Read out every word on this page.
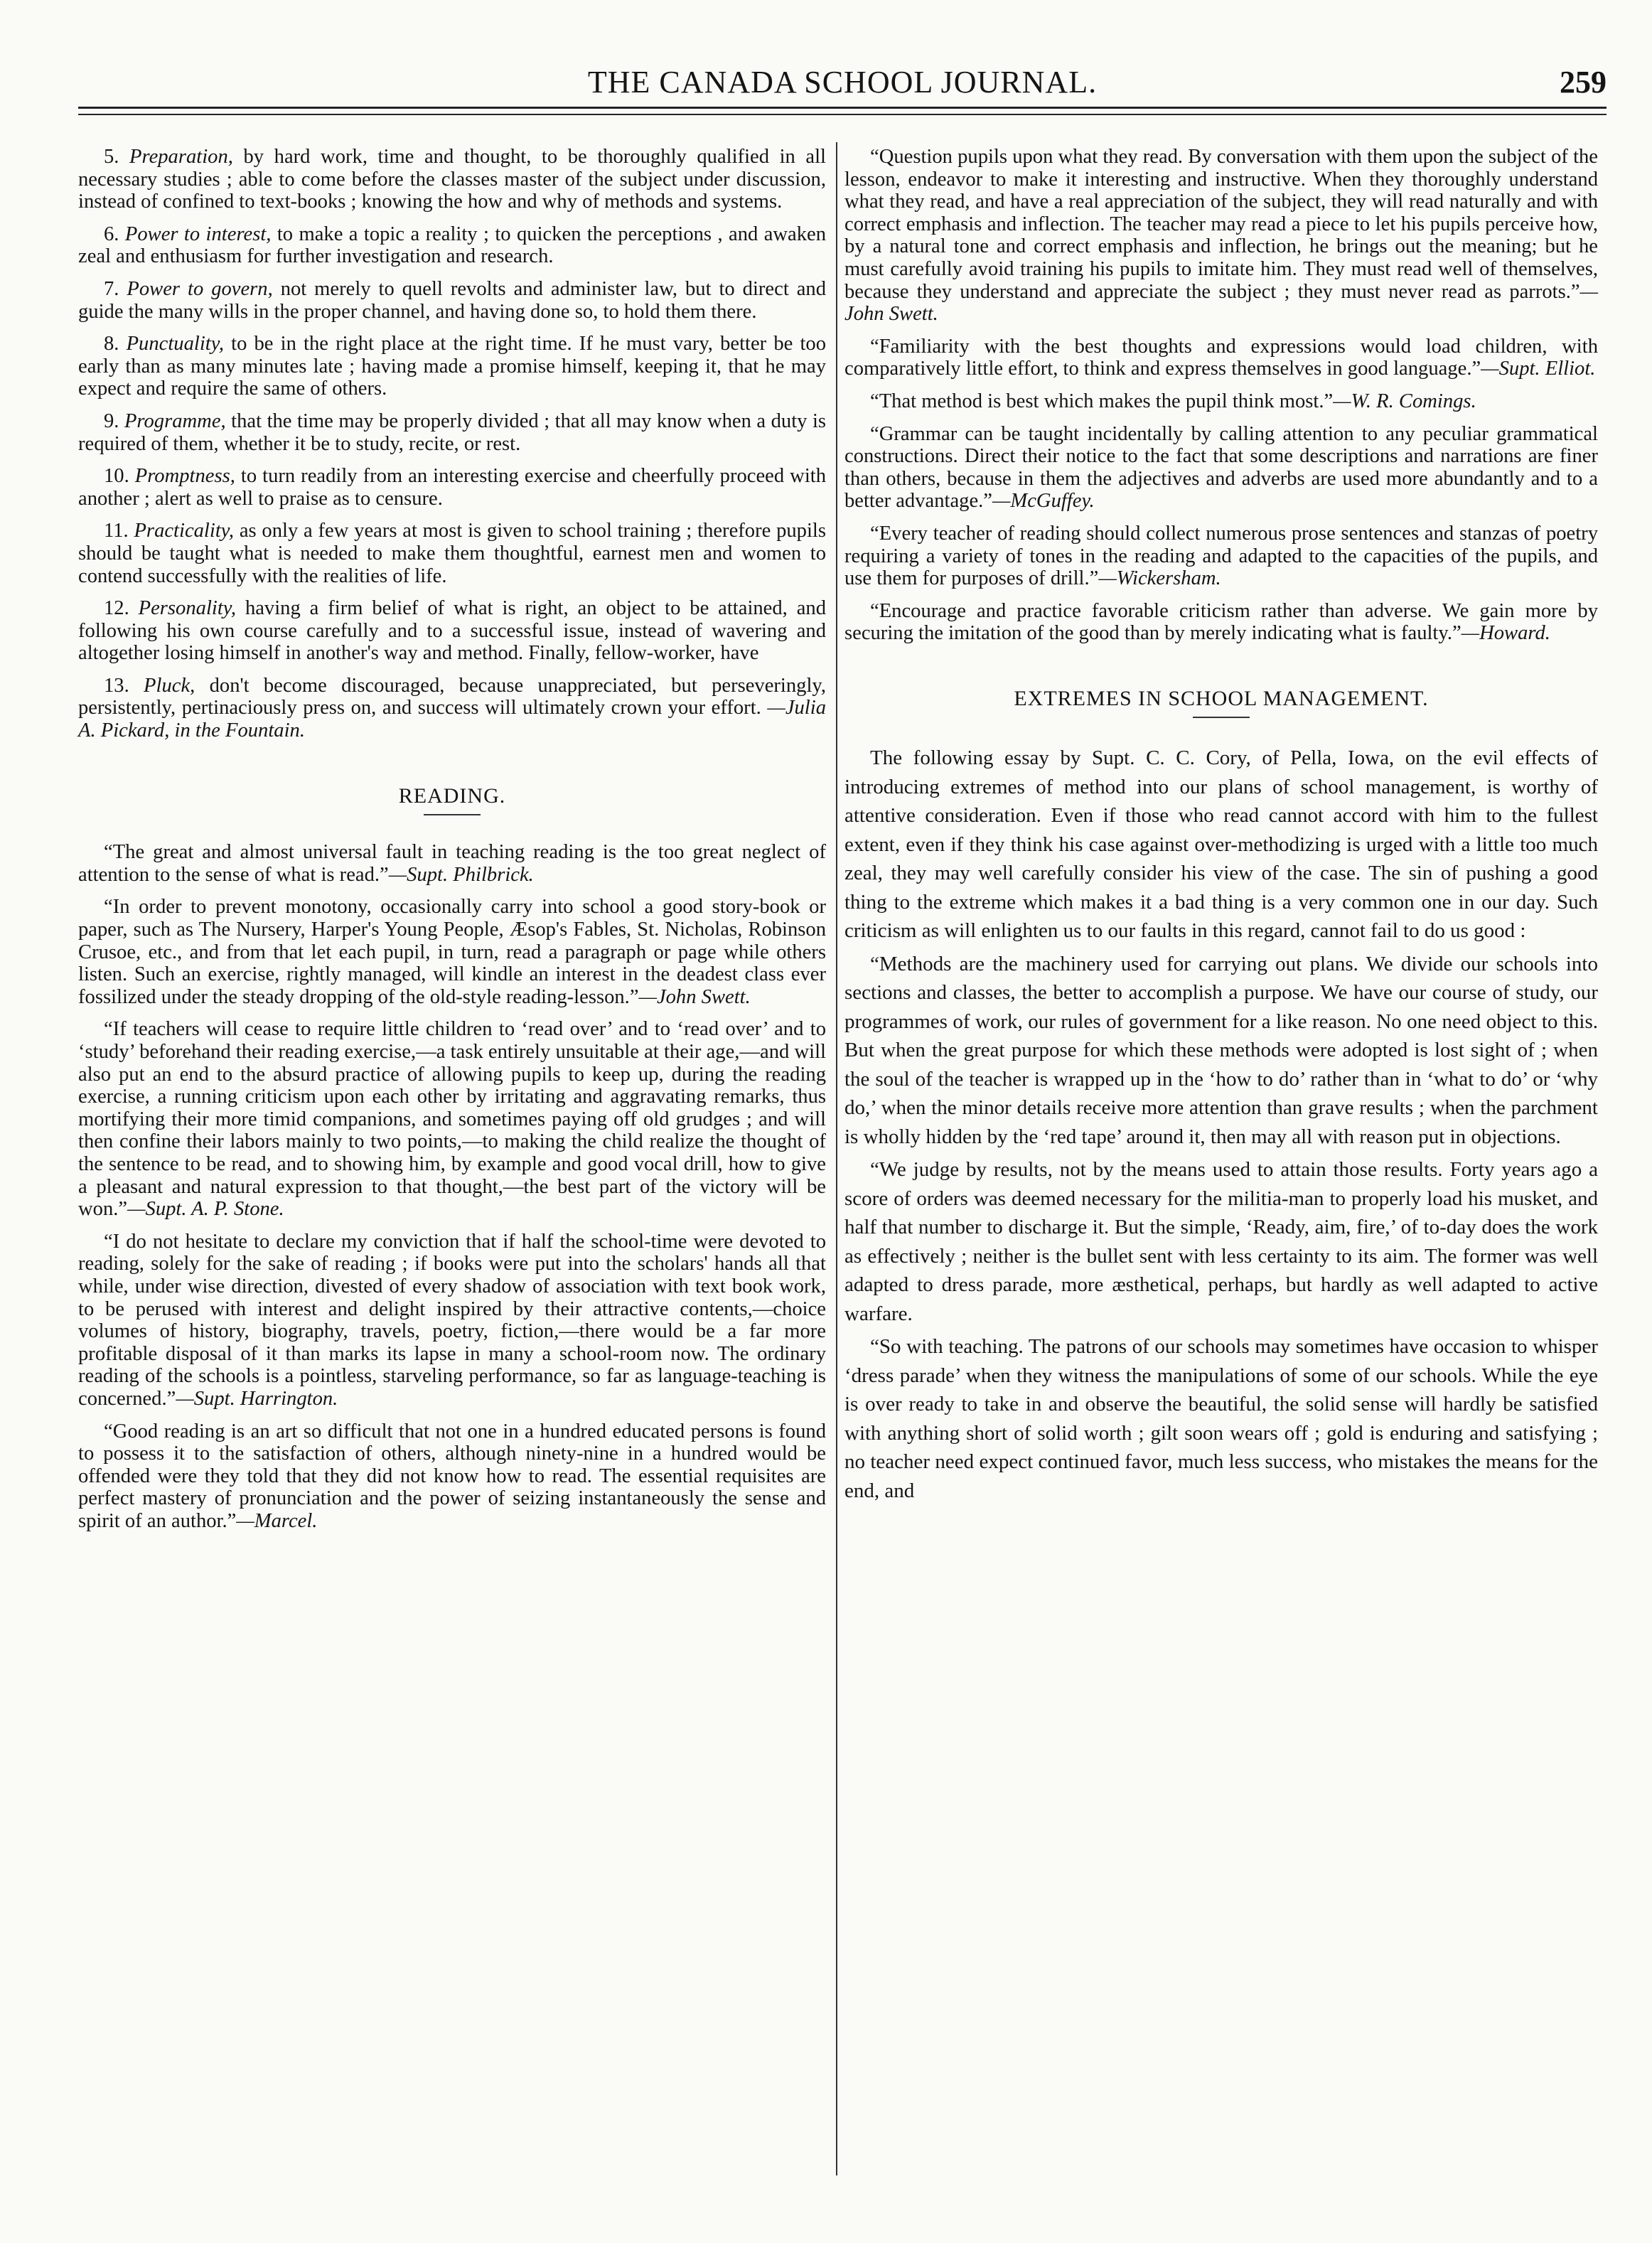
THE CANADA SCHOOL JOURNAL.	259

5. Preparation, by hard work, time and thought, to be thoroughly qualified in all necessary studies ; able to come before the classes master of the subject under discussion, instead of confined to text-books ; knowing the how and why of methods and systems.

6. Power to interest, to make a topic a reality ; to quicken the perceptions , and awaken zeal and enthusiasm for further investigation and research.

7. Power to govern, not merely to quell revolts and administer law, but to direct and guide the many wills in the proper channel, and having done so, to hold them there.

8. Punctuality, to be in the right place at the right time. If he must vary, better be too early than as many minutes late ; having made a promise himself, keeping it, that he may expect and require the same of others.

9. Programme, that the time may be properly divided ; that all may know when a duty is required of them, whether it be to study, recite, or rest.

10. Promptness, to turn readily from an interesting exercise and cheerfully proceed with another ; alert as well to praise as to censure.

11. Practicality, as only a few years at most is given to school training ; therefore pupils should be taught what is needed to make them thoughtful, earnest men and women to contend successfully with the realities of life.

12. Personality, having a firm belief of what is right, an object to be attained, and following his own course carefully and to a successful issue, instead of wavering and altogether losing himself in another's way and method. Finally, fellow-worker, have

13. Pluck, don't become discouraged, because unappreciated, but perseveringly, persistently, pertinaciously press on, and success will ultimately crown your effort. —Julia A. Pickard, in the Fountain.

READING.

“The great and almost universal fault in teaching reading is the too great neglect of attention to the sense of what is read.”—Supt. Philbrick.

“In order to prevent monotony, occasionally carry into school a good story-book or paper, such as The Nursery, Harper's Young People, Æsop's Fables, St. Nicholas, Robinson Crusoe, etc., and from that let each pupil, in turn, read a paragraph or page while others listen. Such an exercise, rightly managed, will kindle an interest in the deadest class ever fossilized under the steady dropping of the old-style reading-lesson.”—John Swett.

“If teachers will cease to require little children to ‘read over’ and to ‘read over’ and to ‘study’ beforehand their reading exercise,—a task entirely unsuitable at their age,—and will also put an end to the absurd practice of allowing pupils to keep up, during the reading exercise, a running criticism upon each other by irritating and aggravating remarks, thus mortifying their more timid companions, and sometimes paying off old grudges ; and will then confine their labors mainly to two points,—to making the child realize the thought of the sentence to be read, and to showing him, by example and good vocal drill, how to give a pleasant and natural expression to that thought,—the best part of the victory will be won.”—Supt. A. P. Stone.

“I do not hesitate to declare my conviction that if half the school-time were devoted to reading, solely for the sake of reading ; if books were put into the scholars' hands all that while, under wise direction, divested of every shadow of association with text book work, to be perused with interest and delight inspired by their attractive contents,—choice volumes of history, biography, travels, poetry, fiction,—there would be a far more profitable disposal of it than marks its lapse in many a school-room now. The ordinary reading of the schools is a pointless, starveling performance, so far as language-teaching is concerned.”—Supt. Harrington.

“Good reading is an art so difficult that not one in a hundred educated persons is found to possess it to the satisfaction of others, although ninety-nine in a hundred would be offended were they told that they did not know how to read. The essential requisites are perfect mastery of pronunciation and the power of seizing instantaneously the sense and spirit of an author.”—Marcel.

“Question pupils upon what they read. By conversation with them upon the subject of the lesson, endeavor to make it interesting and instructive. When they thoroughly understand what they read, and have a real appreciation of the subject, they will read naturally and with correct emphasis and inflection. The teacher may read a piece to let his pupils perceive how, by a natural tone and correct emphasis and inflection, he brings out the meaning; but he must carefully avoid training his pupils to imitate him. They must read well of themselves, because they understand and appreciate the subject ; they must never read as parrots.”—John Swett.

“Familiarity with the best thoughts and expressions would load children, with comparatively little effort, to think and express themselves in good language.”—Supt. Elliot.

“That method is best which makes the pupil think most.”—W. R. Comings.

“Grammar can be taught incidentally by calling attention to any peculiar grammatical constructions. Direct their notice to the fact that some descriptions and narrations are finer than others, because in them the adjectives and adverbs are used more abundantly and to a better advantage.”—McGuffey.

“Every teacher of reading should collect numerous prose sentences and stanzas of poetry requiring a variety of tones in the reading and adapted to the capacities of the pupils, and use them for purposes of drill.”—Wickersham.

“Encourage and practice favorable criticism rather than adverse. We gain more by securing the imitation of the good than by merely indicating what is faulty.”—Howard.

EXTREMES IN SCHOOL MANAGEMENT.

The following essay by Supt. C. C. Cory, of Pella, Iowa, on the evil effects of introducing extremes of method into our plans of school management, is worthy of attentive consideration. Even if those who read cannot accord with him to the fullest extent, even if they think his case against over-methodizing is urged with a little too much zeal, they may well carefully consider his view of the case. The sin of pushing a good thing to the extreme which makes it a bad thing is a very common one in our day. Such criticism as will enlighten us to our faults in this regard, cannot fail to do us good :

“Methods are the machinery used for carrying out plans. We divide our schools into sections and classes, the better to accomplish a purpose. We have our course of study, our programmes of work, our rules of government for a like reason. No one need object to this. But when the great purpose for which these methods were adopted is lost sight of ; when the soul of the teacher is wrapped up in the ‘how to do’ rather than in ‘what to do’ or ‘why do,’ when the minor details receive more attention than grave results ; when the parchment is wholly hidden by the ‘red tape’ around it, then may all with reason put in objections.

“We judge by results, not by the means used to attain those results. Forty years ago a score of orders was deemed necessary for the militia-man to properly load his musket, and half that number to discharge it. But the simple, ‘Ready, aim, fire,’ of to-day does the work as effectively ; neither is the bullet sent with less certainty to its aim. The former was well adapted to dress parade, more æsthetical, perhaps, but hardly as well adapted to active warfare.

“So with teaching. The patrons of our schools may sometimes have occasion to whisper ‘dress parade’ when they witness the manipulations of some of our schools. While the eye is over ready to take in and observe the beautiful, the solid sense will hardly be satisfied with anything short of solid worth ; gilt soon wears off ; gold is enduring and satisfying ; no teacher need expect continued favor, much less success, who mistakes the means for the end, and
